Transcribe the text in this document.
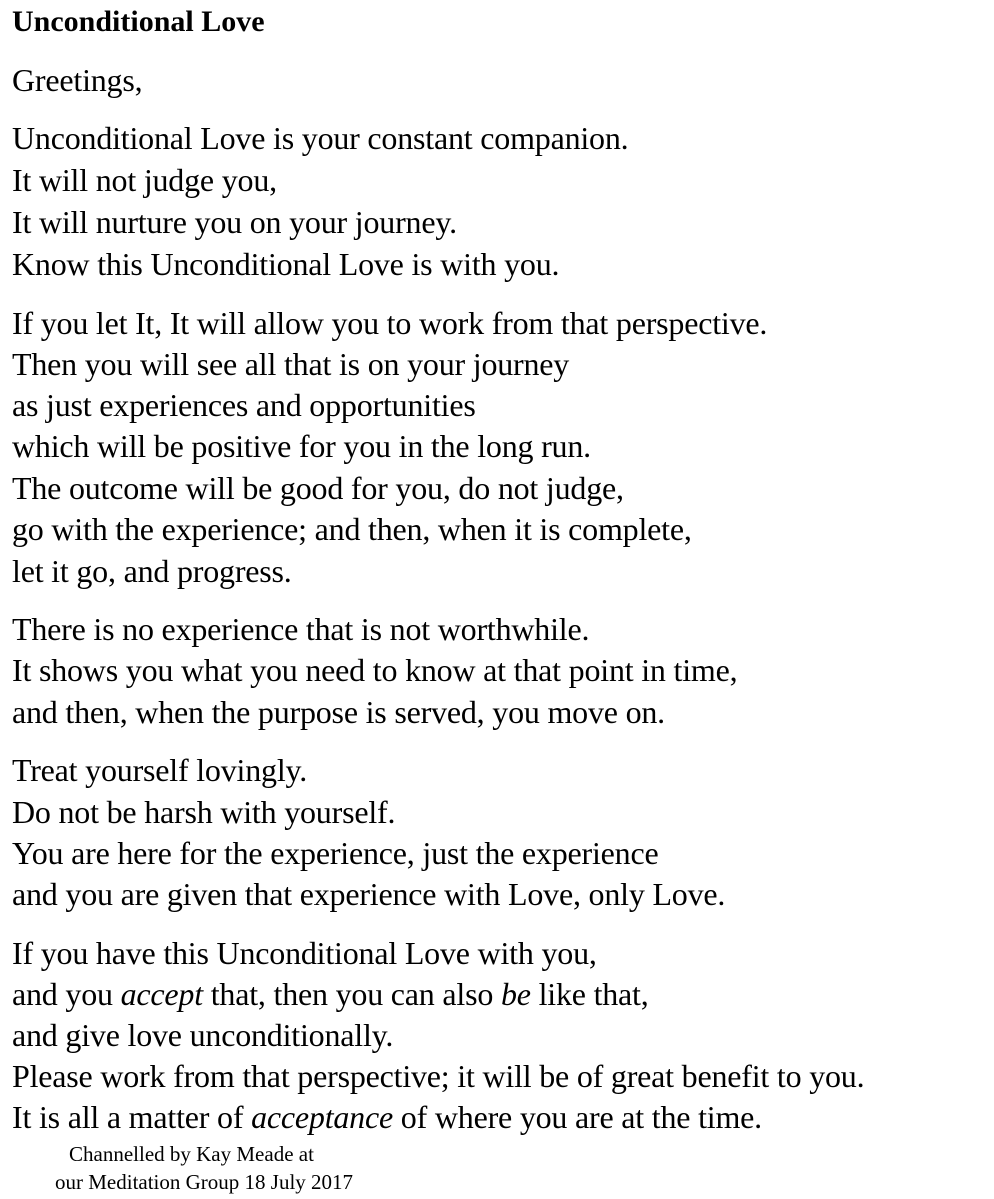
Unconditional Love
Greetings,
Unconditional Love is your constant companion.
It will not judge you,
It will nurture you on your journey.
Know this Unconditional Love is with you.
If you let It, It will allow you to work from that perspective.
Then you will see all that is on your journey
as just experiences and opportunities
which will be positive for you in the long run.
The outcome will be good for you, do not judge,
go with the experience; and then, when it is complete,
let it go, and progress.
There is no experience that is not worthwhile.
It shows you what you need to know at that point in time,
and then, when the purpose is served, you move on.
Treat yourself lovingly.
Do not be harsh with yourself.
You are here for the experience, just the experience
and you are given that experience with Love, only Love.
If you have this Unconditional Love with you,
and you accept that, then you can also be like that,
and give love unconditionally.
Please work from that perspective; it will be of great benefit to you.
It is all a matter of acceptance of where you are at the time.
Channelled by Kay Meade at
our Meditation Group 18 July 2017
